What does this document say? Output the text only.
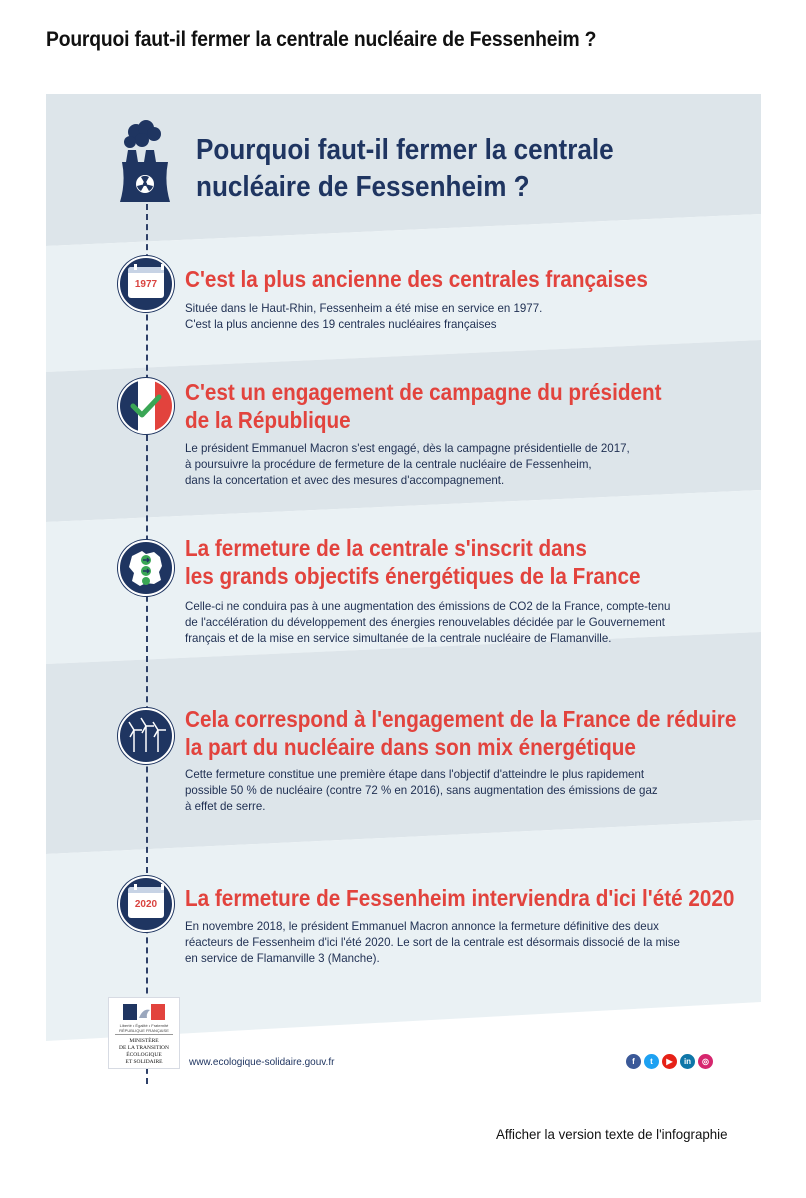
Pourquoi faut-il fermer la centrale nucléaire de Fessenheim ?
Pourquoi faut-il fermer la centrale
nucléaire de Fessenheim ?
1977 C'est la plus ancienne des centrales françaises
Située dans le Haut-Rhin, Fessenheim a été mise en service en 1977.
C'est la plus ancienne des 19 centrales nucléaires françaises
C'est un engagement de campagne du président
de la République
Le président Emmanuel Macron s'est engagé, dès la campagne présidentielle de 2017,
à poursuivre la procédure de fermeture de la centrale nucléaire de Fessenheim,
dans la concertation et avec des mesures d'accompagnement.
La fermeture de la centrale s'inscrit dans
les grands objectifs énergétiques de la France
Celle-ci ne conduira pas à une augmentation des émissions de CO2 de la France, compte-tenu
de l'accélération du développement des énergies renouvelables décidée par le Gouvernement
français et de la mise en service simultanée de la centrale nucléaire de Flamanville.
Cela correspond à l'engagement de la France de réduire
la part du nucléaire dans son mix énergétique
Cette fermeture constitue une première étape dans l'objectif d'atteindre le plus rapidement
possible 50 % de nucléaire (contre 72 % en 2016), sans augmentation des émissions de gaz
à effet de serre.
2020 La fermeture de Fessenheim interviendra d'ici l'été 2020
En novembre 2018, le président Emmanuel Macron annonce la fermeture définitive des deux
réacteurs de Fessenheim d'ici l'été 2020. Le sort de la centrale est désormais dissocié de la mise
en service de Flamanville 3 (Manche).
Liberté • Égalité • Fraternité RÉPUBLIQUE FRANÇAISE
MINISTÈRE
DE LA TRANSITION
ÉCOLOGIQUE
ET SOLIDAIRE	www.ecologique-solidaire.gouv.fr	f	t	▶	in	◎
Afficher la version texte de l'infographie
